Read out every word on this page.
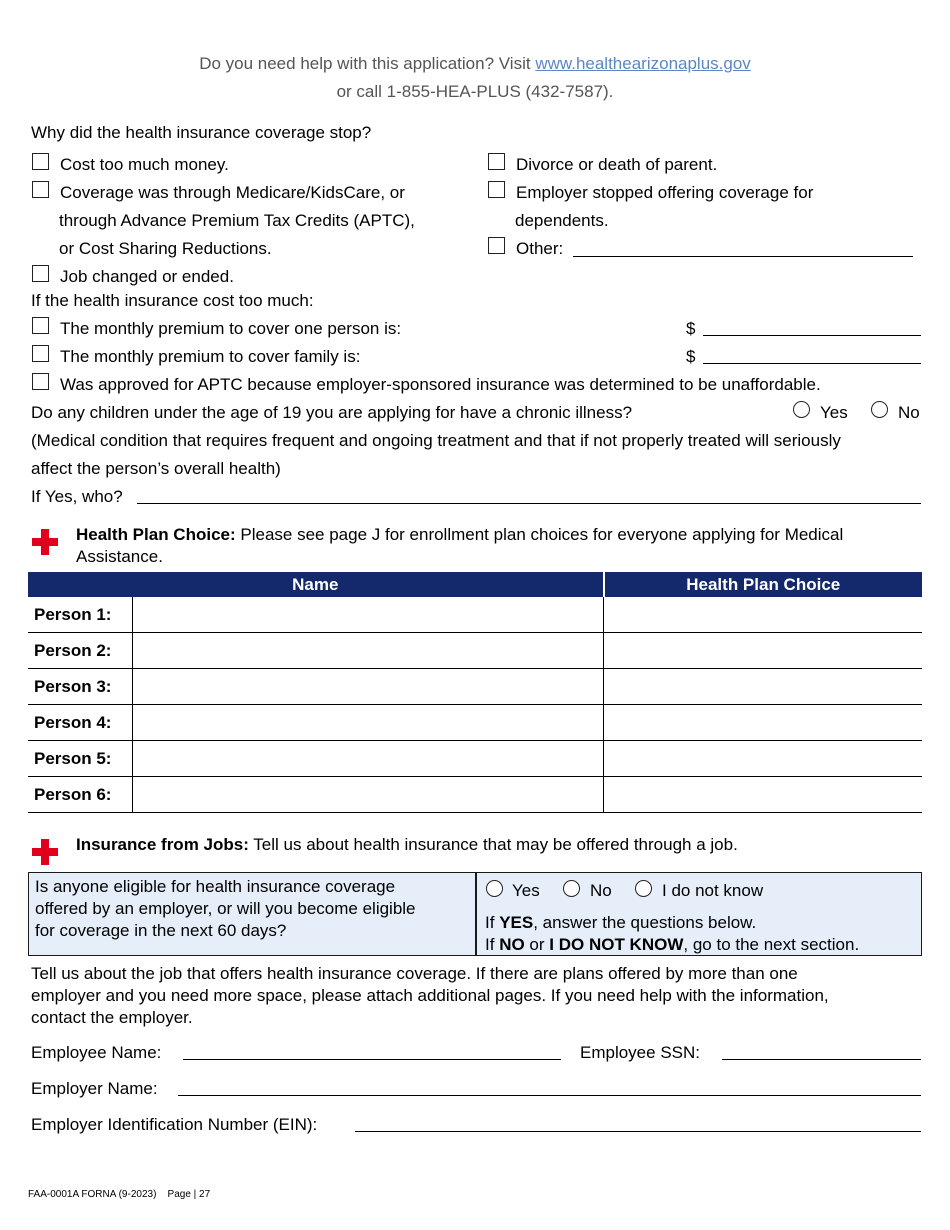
Do you need help with this application? Visit www.healthearizonaplus.gov
or call 1-855-HEA-PLUS (432-7587).
Why did the health insurance coverage stop?
Cost too much money.
Coverage was through Medicare/KidsCare, or
through Advance Premium Tax Credits (APTC),
or Cost Sharing Reductions.
Job changed or ended.
Divorce or death of parent.
Employer stopped offering coverage for
dependents.
Other:
If the health insurance cost too much:
The monthly premium to cover one person is:	$
The monthly premium to cover family is:	$
Was approved for APTC because employer-sponsored insurance was determined to be unaffordable.
Do any children under the age of 19 you are applying for have a chronic illness?	Yes	No
(Medical condition that requires frequent and ongoing treatment and that if not properly treated will seriously
affect the person’s overall health)
If Yes, who?
Health Plan Choice: Please see page J for enrollment plan choices for everyone applying for Medical
Assistance.
Name		Health Plan Choice
Person 1:		
Person 2:		
Person 3:		
Person 4:		
Person 5:		
Person 6:		
Insurance from Jobs: Tell us about health insurance that may be offered through a job.
Is anyone eligible for health insurance coverage
offered by an employer, or will you become eligible
for coverage in the next 60 days?
Yes	No	I do not know
If YES, answer the questions below.
If NO or I DO NOT KNOW, go to the next section.
Tell us about the job that offers health insurance coverage. If there are plans offered by more than one
employer and you need more space, please attach additional pages. If you need help with the information,
contact the employer.
Employee Name:	Employee SSN:
Employer Name:
Employer Identification Number (EIN):
FAA-0001A FORNA (9-2023) Page | 27
